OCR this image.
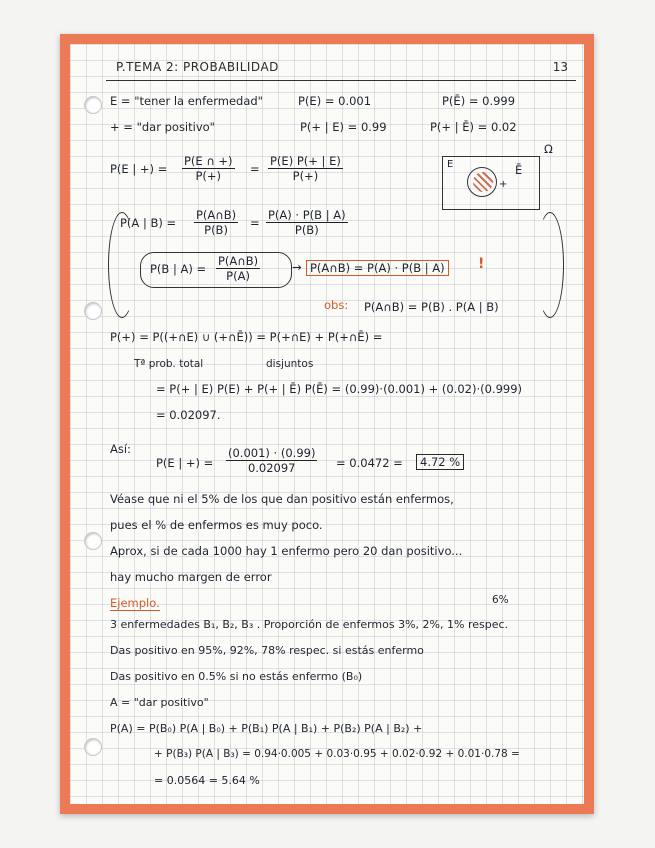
P.TEMA 2: PROBABILIDAD	13
E = "tener la enfermedad"	P(E) = 0.001	P(Ē) = 0.999
+ = "dar positivo"	P(+ | E) = 0.99	P(+ | Ē) = 0.02
P(E | +) = $\frac{P(E \cap +)}{P(+)} = \frac{P(E) P(+ | E)}{P(+)}$	E
+
Ē
Ω
P(A | $B) = \frac{P(A\cap B)}{P(B)} = \frac{P(A) \cdot P(B | A)}{P(B)}$
P(B | $A) = \frac{P(A\cap B)}{P(A)}$	→ P(A∩B) = P(A) · P(B | A) !
obs: P(A∩B) = P(B) . P(A | B)
P(+) = P((+∩E) ∪ (+∩Ē)) = P(+∩E) + P(+∩Ē) =
Tª prob. total	disjuntos
= P(+ | E) P(E) + P(+ | Ē) P(Ē) = (0.99)·(0.001) + (0.02)·(0.999)
= 0.02097.
Así:
P(E | +) = $\frac{(0.001) \cdot (0.99)}{0.02097} = 0.0472$ =	4.72 %
Véase que ni el 5% de los que dan positivo están enfermos,
pues el % de enfermos es muy poco.
Aprox, si de cada 1000 hay 1 enfermo pero 20 dan positivo...
hay mucho margen de error
Ejemplo.	6%
3 enfermedades B₁, B₂, B₃ . Proporción de enfermos 3%, 2%, 1% respec.
Das positivo en 95%, 92%, 78% respec. si estás enfermo
Das positivo en 0.5% si no estás enfermo (B₀)
A = "dar positivo"
P(A) = P(B₀) P(A | B₀) + P(B₁) P(A | B₁) + P(B₂) P(A | B₂) +
+ P(B₃) P(A | B₃) = 0.94·0.005 + 0.03·0.95 + 0.02·0.92 + 0.01·0.78 =
= 0.0564 = 5.64 %
